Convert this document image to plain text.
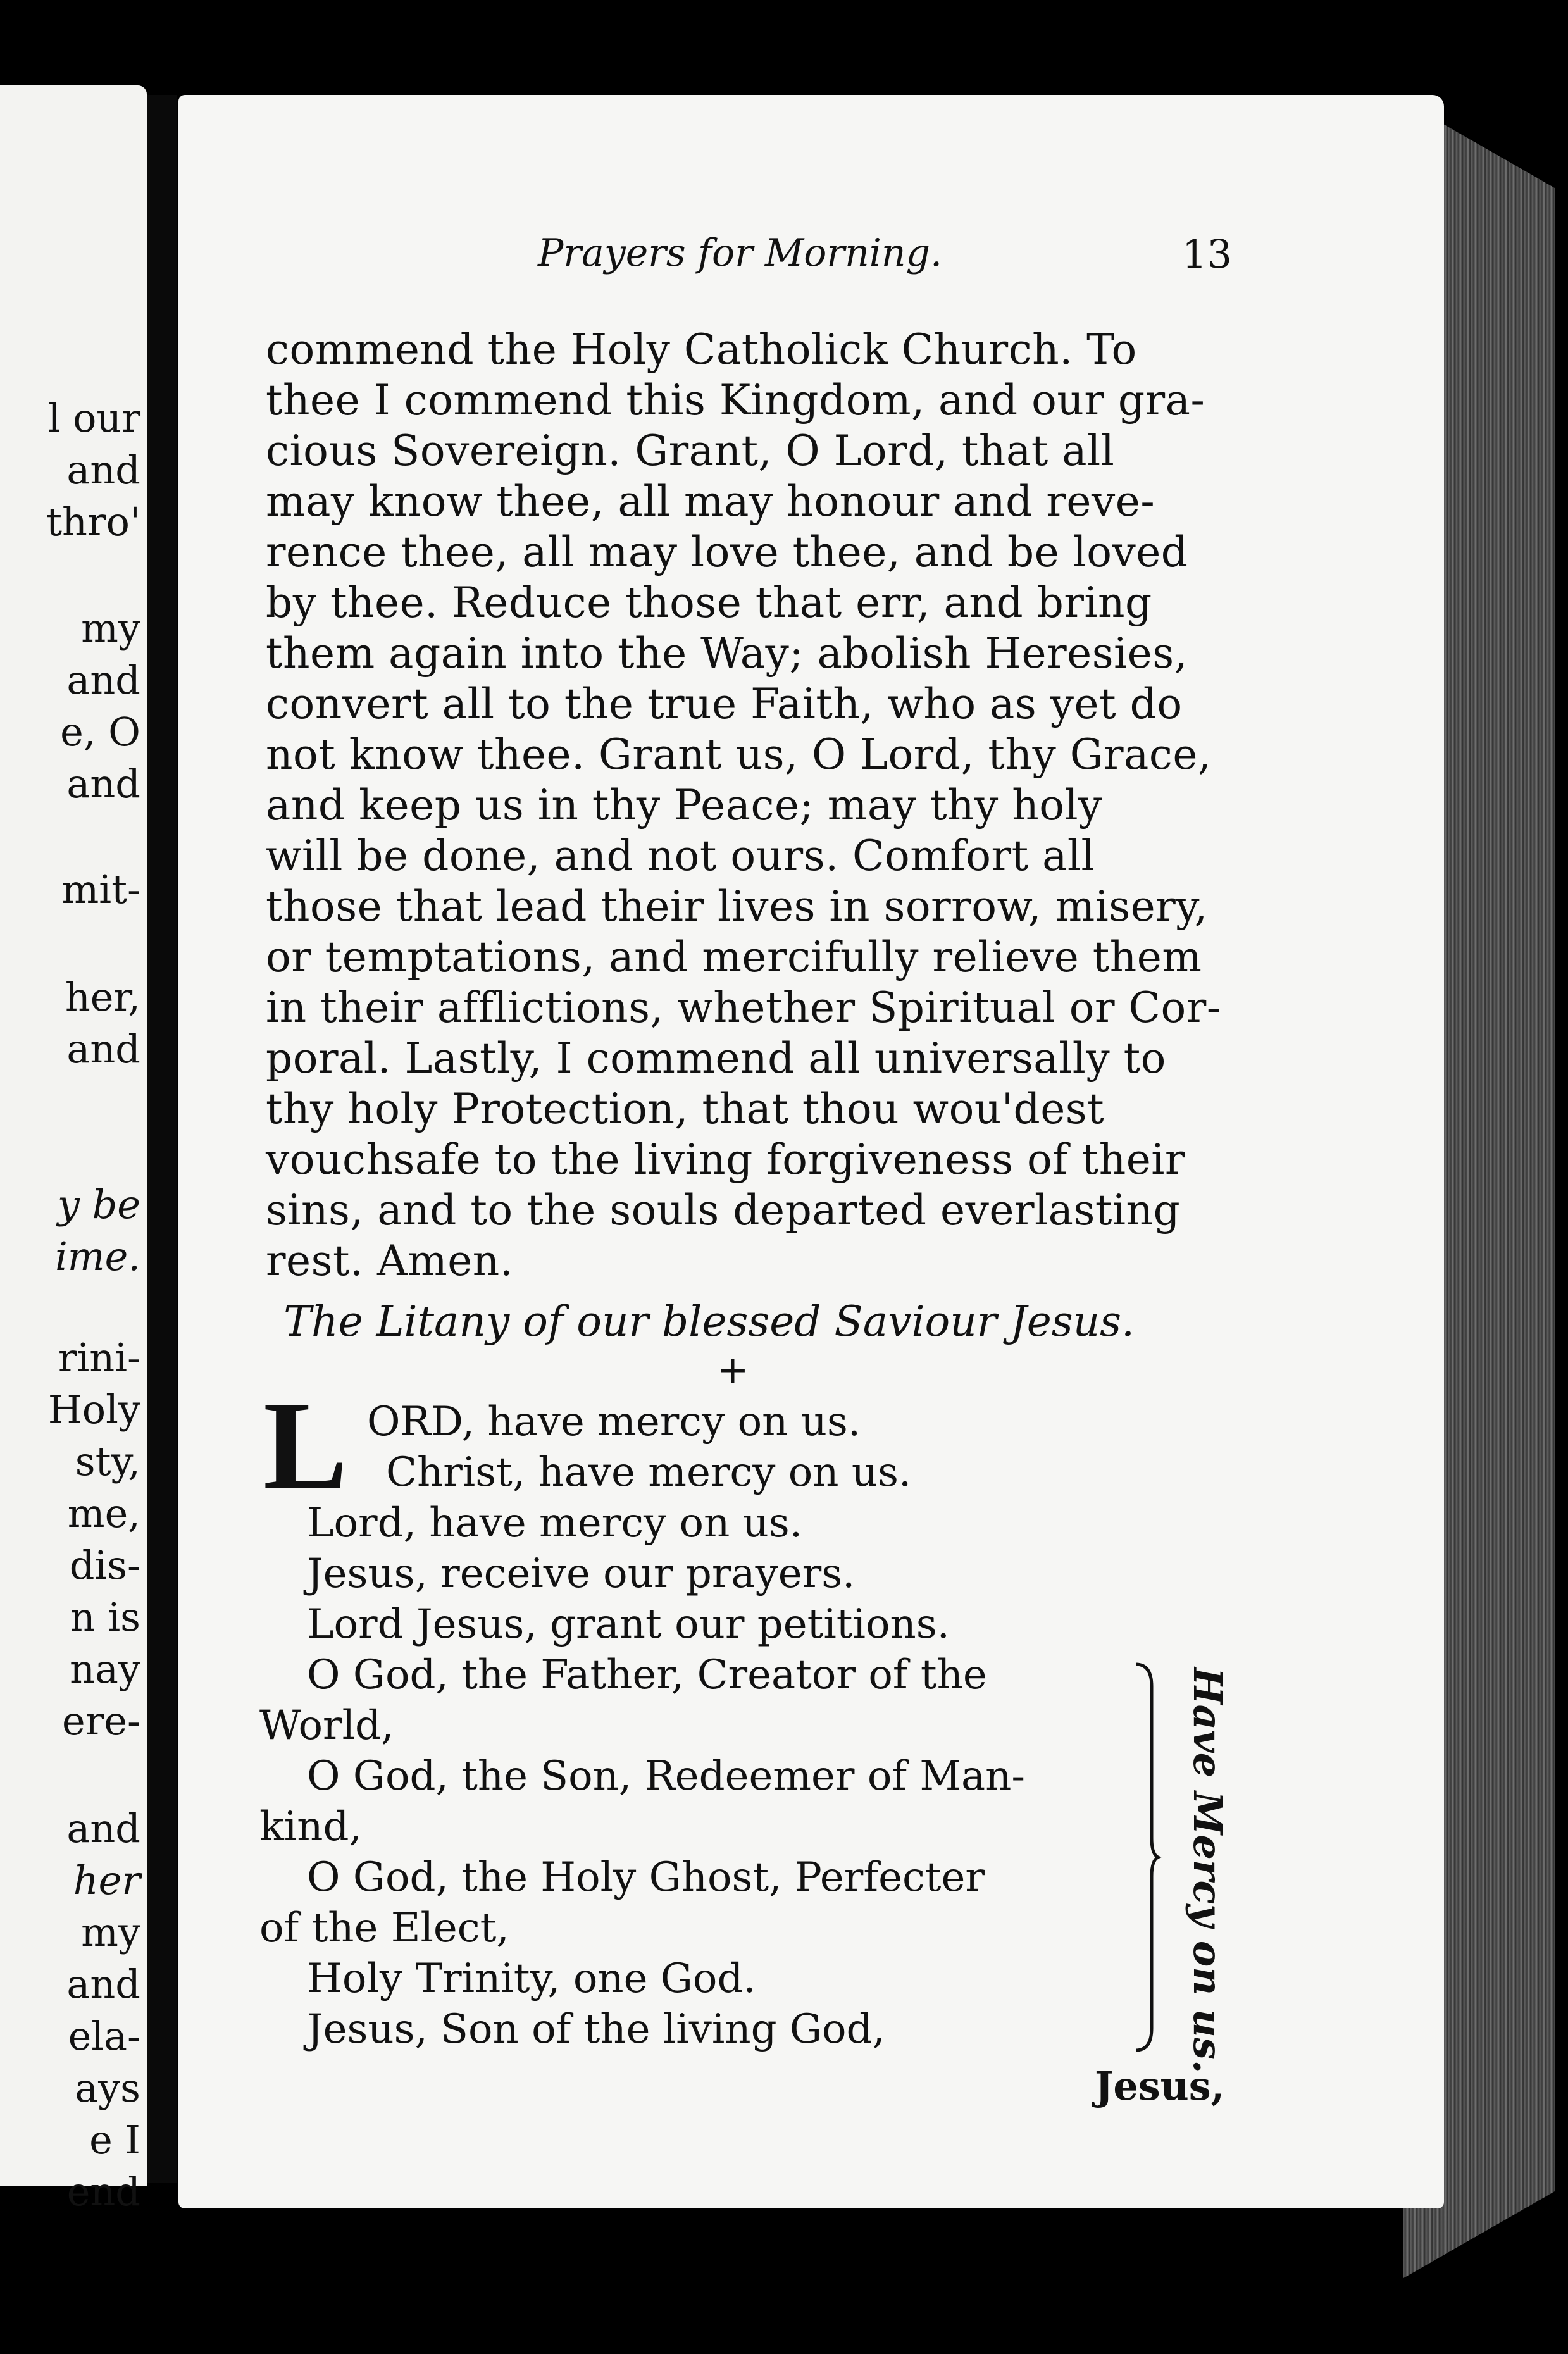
l our
and
thro'
my
and
e, O
and
mit-
her,
and
y be
ime.
rini-
Holy
sty,
me,
dis-
n is
nay
ere-
and
her
my
and
ela-
ays
e I
end
Prayers for Morning.	13
commend the Holy Catholick Church. To
thee I commend this Kingdom, and our gra-
cious Sovereign. Grant, O Lord, that all
may know thee, all may honour and reve-
rence thee, all may love thee, and be loved
by thee. Reduce those that err, and bring
them again into the Way; abolish Heresies,
convert all to the true Faith, who as yet do
not know thee. Grant us, O Lord, thy Grace,
and keep us in thy Peace; may thy holy
will be done, and not ours. Comfort all
those that lead their lives in sorrow, misery,
or temptations, and mercifully relieve them
in their afflictions, whether Spiritual or Cor-
poral. Lastly, I commend all universally to
thy holy Protection, that thou wou'dest
vouchsafe to the living forgiveness of their
sins, and to the souls departed everlasting
rest. Amen.
The Litany of our blessed Saviour Jesus.
+
L ORD, have mercy on us.
Christ, have mercy on us.
Lord, have mercy on us.
Jesus, receive our prayers.
Lord Jesus, grant our petitions.
O God, the Father, Creator of the
World,
O God, the Son, Redeemer of Man-
kind,
O God, the Holy Ghost, Perfecter
of the Elect,
Holy Trinity, one God.
Jesus, Son of the living God,	Have Mercy on us.
Jesus,
